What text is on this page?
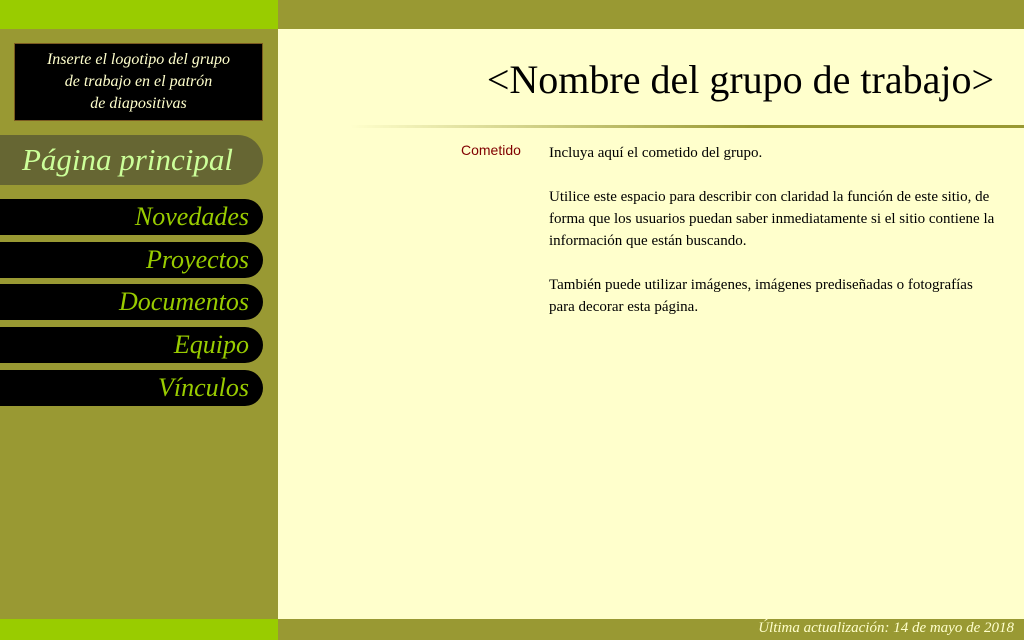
Inserte el logotipo del grupo
de trabajo en el patrón
de diapositivas
Página principal
Novedades
Proyectos
Documentos
Equipo
Vínculos
<Nombre del grupo de trabajo>
Cometido Incluya aquí el cometido del grupo.

Utilice este espacio para describir con claridad la función de este sitio, de forma que los usuarios puedan saber inmediatamente si el sitio contiene la información que están buscando.

También puede utilizar imágenes, imágenes prediseñadas o fotografías para decorar esta página.

Última actualización: 14 de mayo de 2018
